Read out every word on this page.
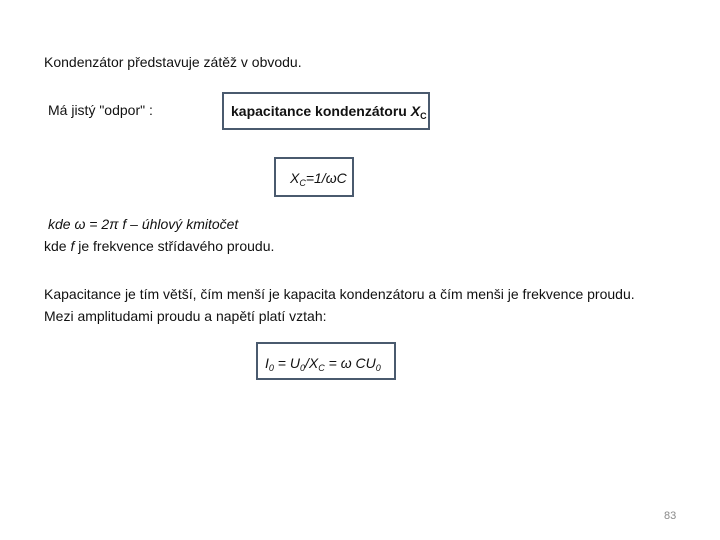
Kondenzátor představuje zátěž v obvodu.
Má jistý "odpor" :	kapacitance kondenzátoru $X_C$
$X_C=1/\omega C$
kde ω = 2π f – úhlový kmitočet
kde f je frekvence střídavého proudu.
Kapacitance je tím větší, čím menší je kapacita kondenzátoru a čím menši je frekvence proudu.
Mezi amplitudami proudu a napětí platí vztah:
$I_0 = U_0/X_C = \omega$ $CU_0$
83
